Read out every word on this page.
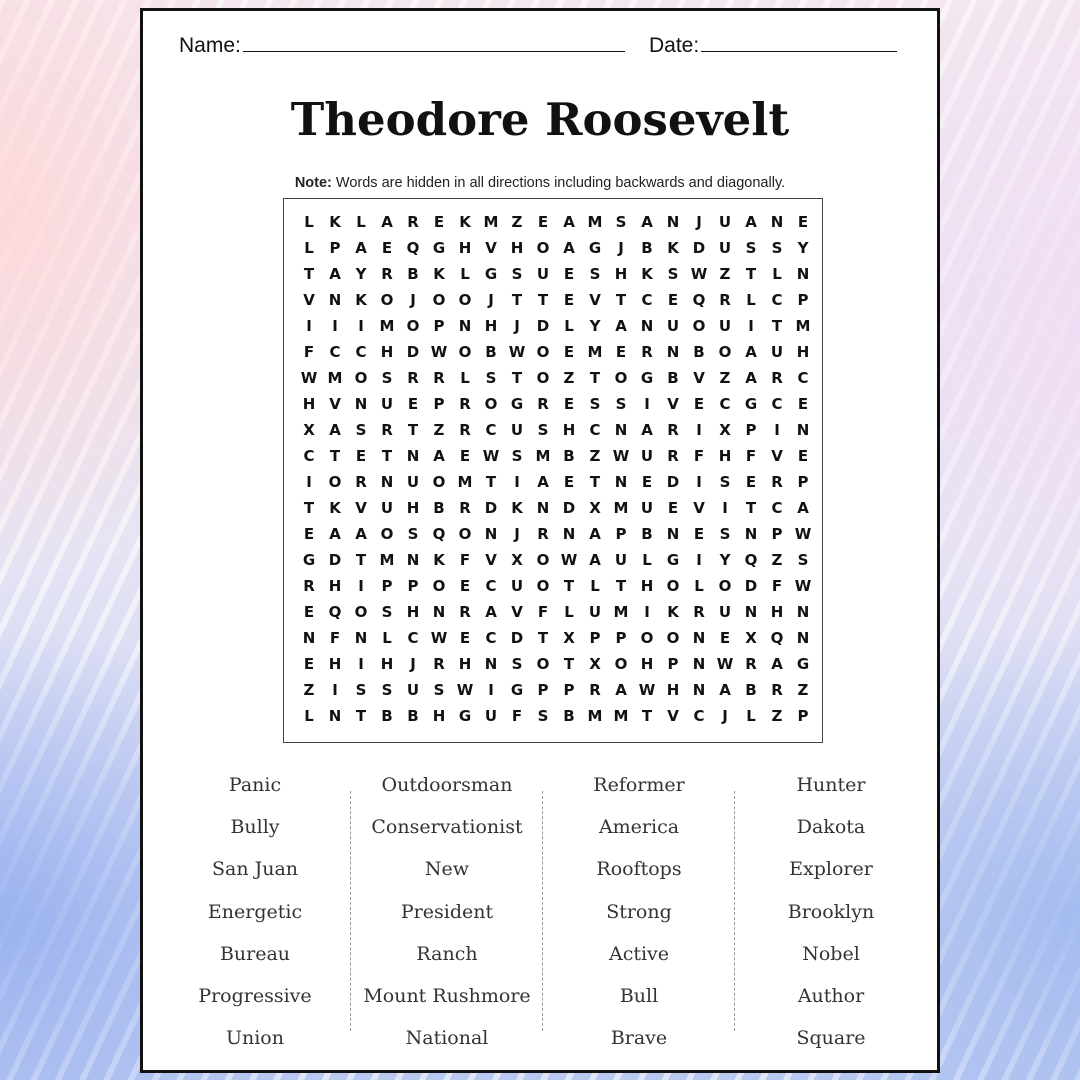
Name:	Date:
Theodore Roosevelt
Note: Words are hidden in all directions including backwards and diagonally.
L	K	L	A R	E	K M Z	E	A M S A N	J	U A N E
L	P A	E Q G H V H O A G	J	B K D U S	S	Y
T	A Y R B K	L	G S U E	S H K S W Z	T	L N
V N K O	J	O O	J	T	T	E	V	T	C	E Q R	L	C	P
I	I	I	M O P N H	J	D	L	Y A N U O U	I	T M
F	C C H D W O B W O E M E	R N B O A U H
W M O S R R	L	S	T O Z	T O G B V Z A R C
H V N U E	P R O G R	E	S	S	I	V	E	C G C	E
X A S R	T	Z R C U S H C N A R	I	X P	I	N
C	T	E	T N A	E W S M B Z W U R	F H F	V	E
I	O R N U O M T	I	A	E	T N E D	I	S	E	R P
T	K V U H B R D K N D X M U E	V	I	T	C A
E	A A O S Q O N	J	R N A P B N E	S N P W
G D T M N K	F	V X O W A U	L	G	I	Y Q Z	S
R H	I	P	P O E	C U O T	L	T H O L O D F W
E Q O S H N R A V	F	L	U M	I	K R U N H N
N F N L	C W E	C D T	X P	P O O N E	X Q N
E H	I	H	J	R H N S O T	X O H P N W R A G
Z	I	S	S U S W I	G P	P R A W H N A B R Z
L N T	B B H G U F	S B M M T	V C	J	L	Z	P
Panic
Bully
San Juan
Energetic
Bureau
Progressive
Union
Outdoorsman
Conservationist
New
President
Ranch
Mount Rushmore
National
Reformer
America
Rooftops
Strong
Active
Bull
Brave
Hunter
Dakota
Explorer
Brooklyn
Nobel
Author
Square
